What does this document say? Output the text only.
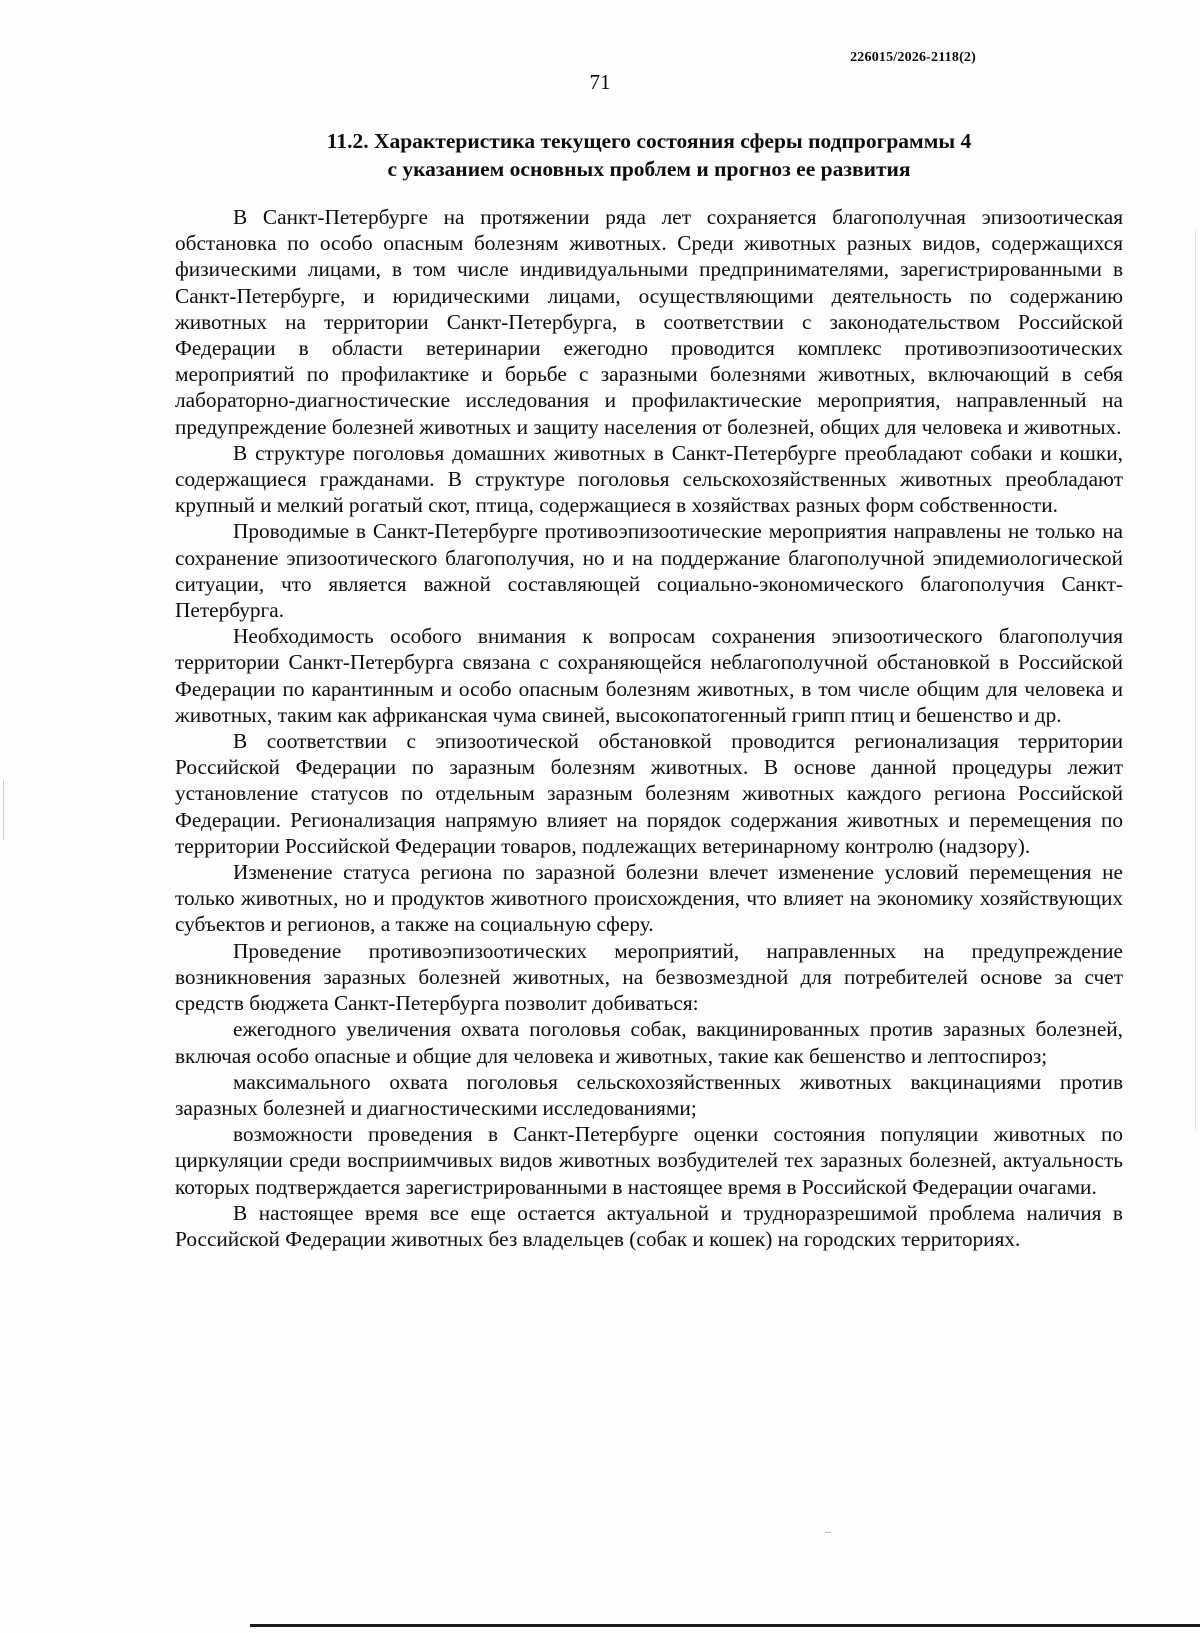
226015/2026-2118(2)
71
11.2. Характеристика текущего состояния сферы подпрограммы 4
с указанием основных проблем и прогноз ее развития

В Санкт-Петербурге на протяжении ряда лет сохраняется благополучная эпизоотическая обстановка по особо опасным болезням животных. Среди животных разных видов, содержащихся физическими лицами, в том числе индивидуальными предпринимателями, зарегистрированными в Санкт-Петербурге, и юридическими лицами, осуществляющими деятельность по содержанию животных на территории Санкт-Петербурга, в соответствии с законодательством Российской Федерации в области ветеринарии ежегодно проводится комплекс противоэпизоотических мероприятий по профилактике и борьбе с заразными болезнями животных, включающий в себя лабораторно-диагностические исследования и профилактические мероприятия, направленный на предупреждение болезней животных и защиту населения от болезней, общих для человека и животных.

В структуре поголовья домашних животных в Санкт-Петербурге преобладают собаки и кошки, содержащиеся гражданами. В структуре поголовья сельскохозяйственных животных преобладают крупный и мелкий рогатый скот, птица, содержащиеся в хозяйствах разных форм собственности.

Проводимые в Санкт-Петербурге противоэпизоотические мероприятия направлены не только на сохранение эпизоотического благополучия, но и на поддержание благополучной эпидемиологической ситуации, что является важной составляющей социально-экономического благополучия Санкт-Петербурга.

Необходимость особого внимания к вопросам сохранения эпизоотического благополучия территории Санкт-Петербурга связана с сохраняющейся неблагополучной обстановкой в Российской Федерации по карантинным и особо опасным болезням животных, в том числе общим для человека и животных, таким как африканская чума свиней, высокопатогенный грипп птиц и бешенство и др.

В соответствии с эпизоотической обстановкой проводится регионализация территории Российской Федерации по заразным болезням животных. В основе данной процедуры лежит установление статусов по отдельным заразным болезням животных каждого региона Российской Федерации. Регионализация напрямую влияет на порядок содержания животных и перемещения по территории Российской Федерации товаров, подлежащих ветеринарному контролю (надзору).

Изменение статуса региона по заразной болезни влечет изменение условий перемещения не только животных, но и продуктов животного происхождения, что влияет на экономику хозяйствующих субъектов и регионов, а также на социальную сферу.

Проведение противоэпизоотических мероприятий, направленных на предупреждение возникновения заразных болезней животных, на безвозмездной для потребителей основе за счет средств бюджета Санкт-Петербурга позволит добиваться:

ежегодного увеличения охвата поголовья собак, вакцинированных против заразных болезней, включая особо опасные и общие для человека и животных, такие как бешенство и лептоспироз;

максимального охвата поголовья сельскохозяйственных животных вакцинациями против заразных болезней и диагностическими исследованиями;

возможности проведения в Санкт-Петербурге оценки состояния популяции животных по циркуляции среди восприимчивых видов животных возбудителей тех заразных болезней, актуальность которых подтверждается зарегистрированными в настоящее время в Российской Федерации очагами.

В настоящее время все еще остается актуальной и трудноразрешимой проблема наличия в Российской Федерации животных без владельцев (собак и кошек) на городских территориях.
